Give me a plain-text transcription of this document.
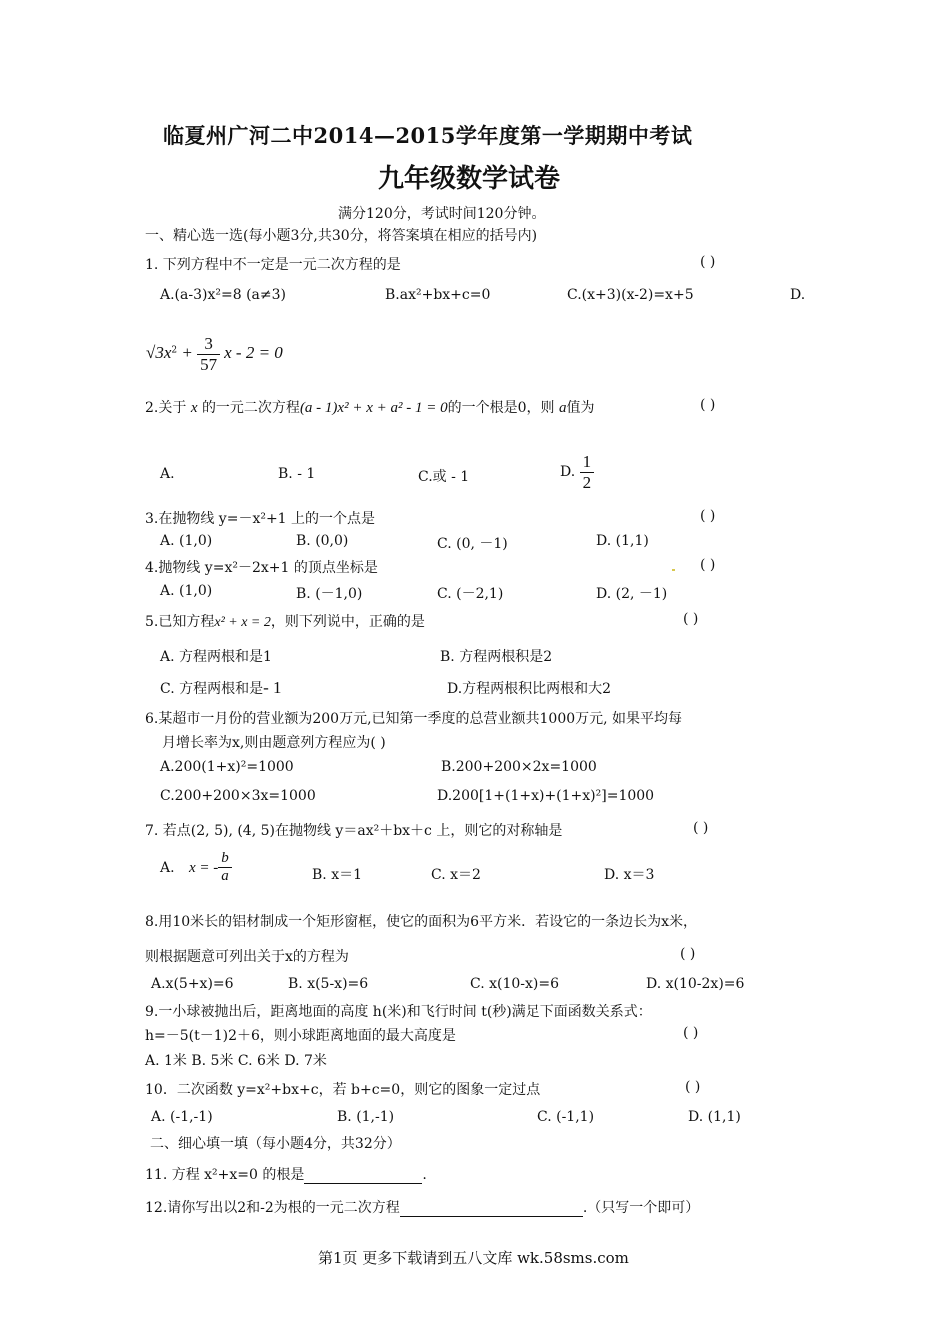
临夏州广河二中2014—2015学年度第一学期期中考试
九年级数学试卷
满分120分，考试时间120分钟。
一、精心选一选(每小题3分,共30分，将答案填在相应的括号内)
1. 下列方程中不一定是一元二次方程的是	( )
A.(a-3)x²=8 (a≠3)	B.ax²+bx+c=0	C.(x+3)(x-2)=x+5	D.
$√3x^2 + \frac{3}{57}$ x - 2 = 0
2.关于 x 的一元二次方程(a - 1)x² + x + a² - 1 = 0的一个根是0，则 a值为	( )
A.	B. - 1	C.或 - 1	D. $\frac{1}{2}$
3.在抛物线 y=－x²+1 上的一个点是	( )
A. (1,0)	B. (0,0)	C. (0, －1)	D. (1,1)
4.抛物线 y=x²－2x+1 的顶点坐标是	( )
A. (1,0)	B. (－1,0)	C. (－2,1)	D. (2, －1)
5.已知方程x² + x = 2，则下列说中，正确的是	( )
A. 方程两根和是1	B. 方程两根积是2
C. 方程两根和是- 1	D.方程两根积比两根和大2
6.某超市一月份的营业额为200万元,已知第一季度的总营业额共1000万元, 如果平均每
月增长率为x,则由题意列方程应为( )
A.200(1+x)²=1000	B.200+200×2x=1000
C.200+200×3x=1000	D.200[1+(1+x)+(1+x)²]=1000
7. 若点(2, 5), (4, 5)在抛物线 y＝ax²＋bx＋c 上，则它的对称轴是	( )
A. x = - $\frac{b}{a}$	B. x＝1	C. x＝2	D. x＝3
8.用10米长的铝材制成一个矩形窗框，使它的面积为6平方米．若设它的一条边长为x米，
则根据题意可列出关于x的方程为	( )
A.x(5+x)=6	B. x(5-x)=6	C. x(10-x)=6	D. x(10-2x)=6
9.一小球被抛出后，距离地面的高度 h(米)和飞行时间 t(秒)满足下面函数关系式：
h=－5(t－1)2＋6，则小球距离地面的最大高度是	( )
A. 1米 B. 5米 C. 6米 D. 7米
10．二次函数 y=x²+bx+c，若 b+c=0，则它的图象一定过点	( )
A. (-1,-1)	B. (1,-1)	C. (-1,1)	D. (1,1)
二、细心填一填（每小题4分，共32分）
11. 方程 x²+x=0 的根是	.
12.请你写出以2和-2为根的一元二次方程	.（只写一个即可）
第1页 更多下载请到五八文库 wk.58sms.com
